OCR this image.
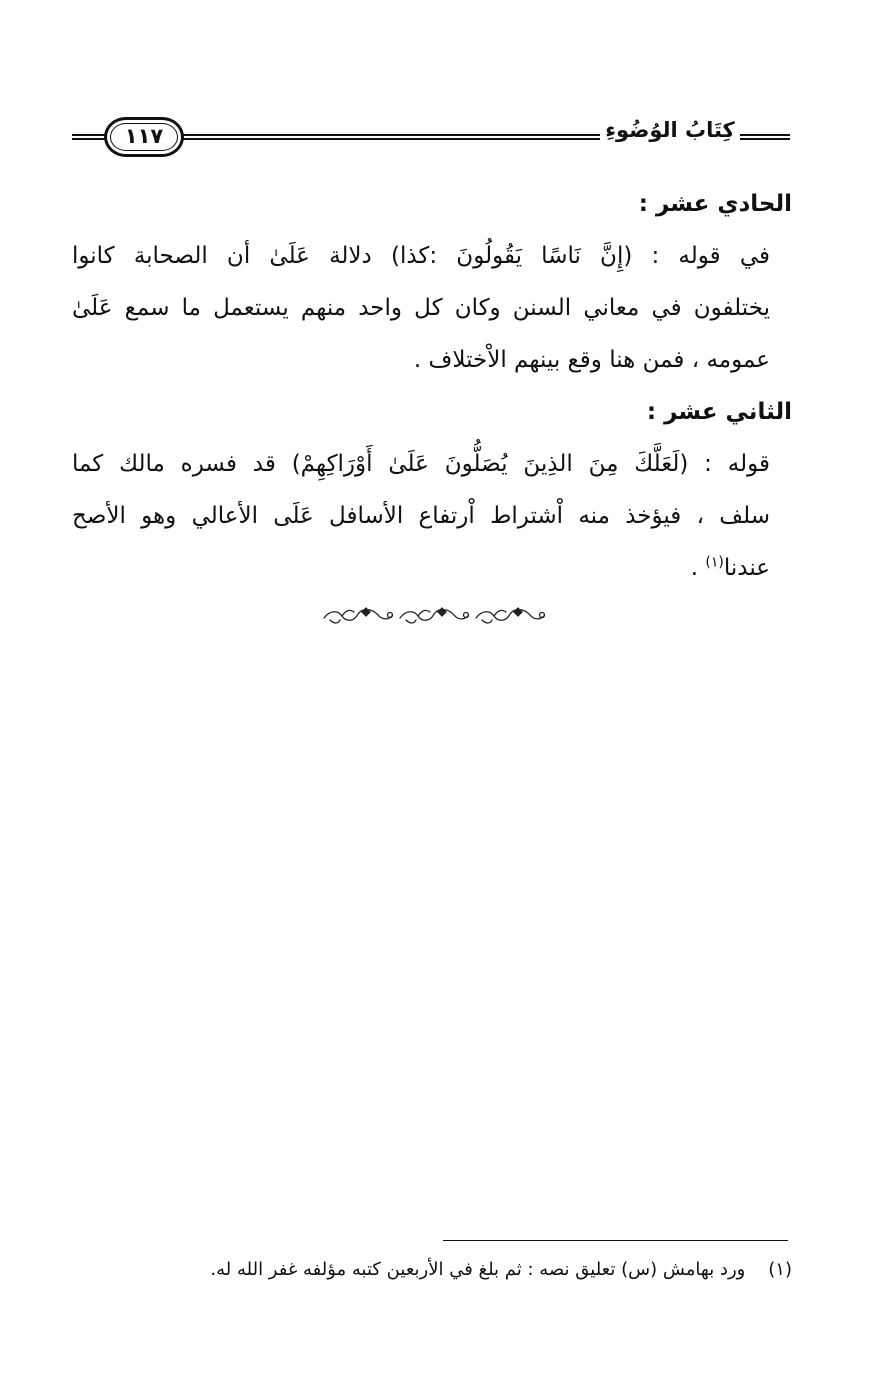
١١٧	كِتَابُ الوُضُوءِ
الحادي عشر :
في قوله : (إِنَّ نَاسًا يَقُولُونَ :كذا) دلالة عَلَىٰ أن الصحابة كانوا
يختلفون في معاني السنن وكان كل واحد منهم يستعمل ما سمع عَلَىٰ
عمومه ، فمن هنا وقع بينهم الاْختلاف .
الثاني عشر :
قوله : (لَعَلَّكَ مِنَ الذِينَ يُصَلُّونَ عَلَىٰ أَوْرَاكِهِمْ) قد فسره مالك كما
سلف ، فيؤخذ منه اْشتراط اْرتفاع الأسافل عَلَى الأعالي وهو الأصح
عندنا$^{(١)}$ .
(١)    ورد بهامش (س) تعليق نصه : ثم بلغ في الأربعين كتبه مؤلفه غفر الله له.
